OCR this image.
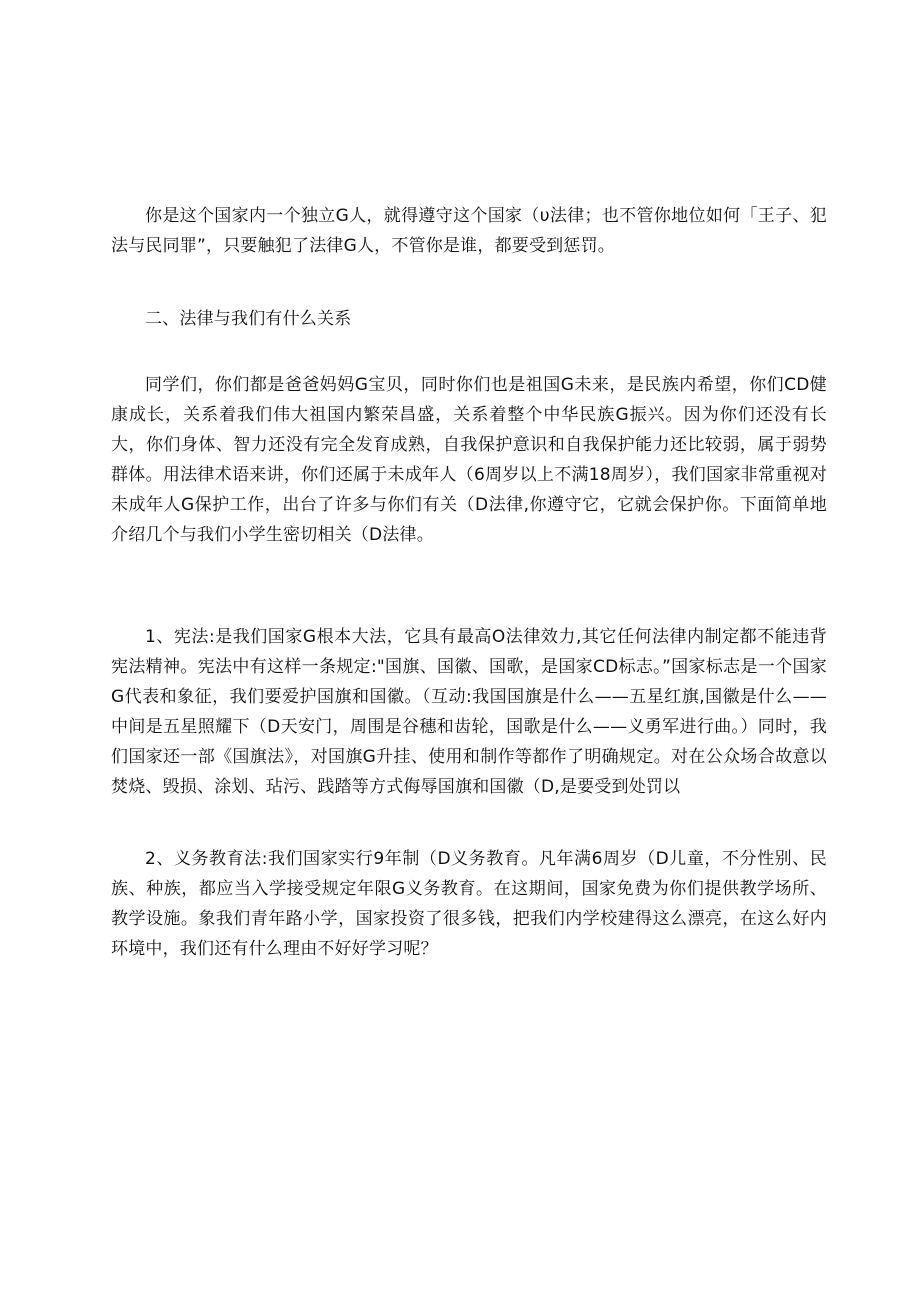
你是这个国家内一个独立G人，就得遵守这个国家（υ法律；也不管你地位如何「王子、犯法与民同罪”，只要触犯了法律G人，不管你是谁，都要受到惩罚。

二、法律与我们有什么关系

同学们，你们都是爸爸妈妈G宝贝，同时你们也是祖国G未来，是民族内希望，你们CD健康成长，关系着我们伟大祖国内繁荣昌盛，关系着整个中华民族G振兴。因为你们还没有长大，你们身体、智力还没有完全发育成熟，自我保护意识和自我保护能力还比较弱，属于弱势群体。用法律术语来讲，你们还属于未成年人（6周岁以上不满18周岁），我们国家非常重视对未成年人G保护工作，出台了许多与你们有关（D法律,你遵守它，它就会保护你。下面简单地介绍几个与我们小学生密切相关（D法律。

1、宪法:是我们国家G根本大法，它具有最高O法律效力,其它任何法律内制定都不能违背宪法精神。宪法中有这样一条规定:"国旗、国徽、国歌，是国家CD标志。”国家标志是一个国家G代表和象征，我们要爱护国旗和国徽。（互动:我国国旗是什么——五星红旗,国徽是什么——中间是五星照耀下（D天安门，周围是谷穗和齿轮，国歌是什么——义勇军进行曲。）同时，我们国家还一部《国旗法》，对国旗G升挂、使用和制作等都作了明确规定。对在公众场合故意以焚烧、毁损、涂划、玷污、践踏等方式侮辱国旗和国徽（D,是要受到处罚以

2、义务教育法:我们国家实行9年制（D义务教育。凡年满6周岁（D儿童，不分性别、民族、种族，都应当入学接受规定年限G义务教育。在这期间，国家免费为你们提供教学场所、教学设施。象我们青年路小学，国家投资了很多钱，把我们内学校建得这么漂亮，在这么好内环境中，我们还有什么理由不好好学习呢？
